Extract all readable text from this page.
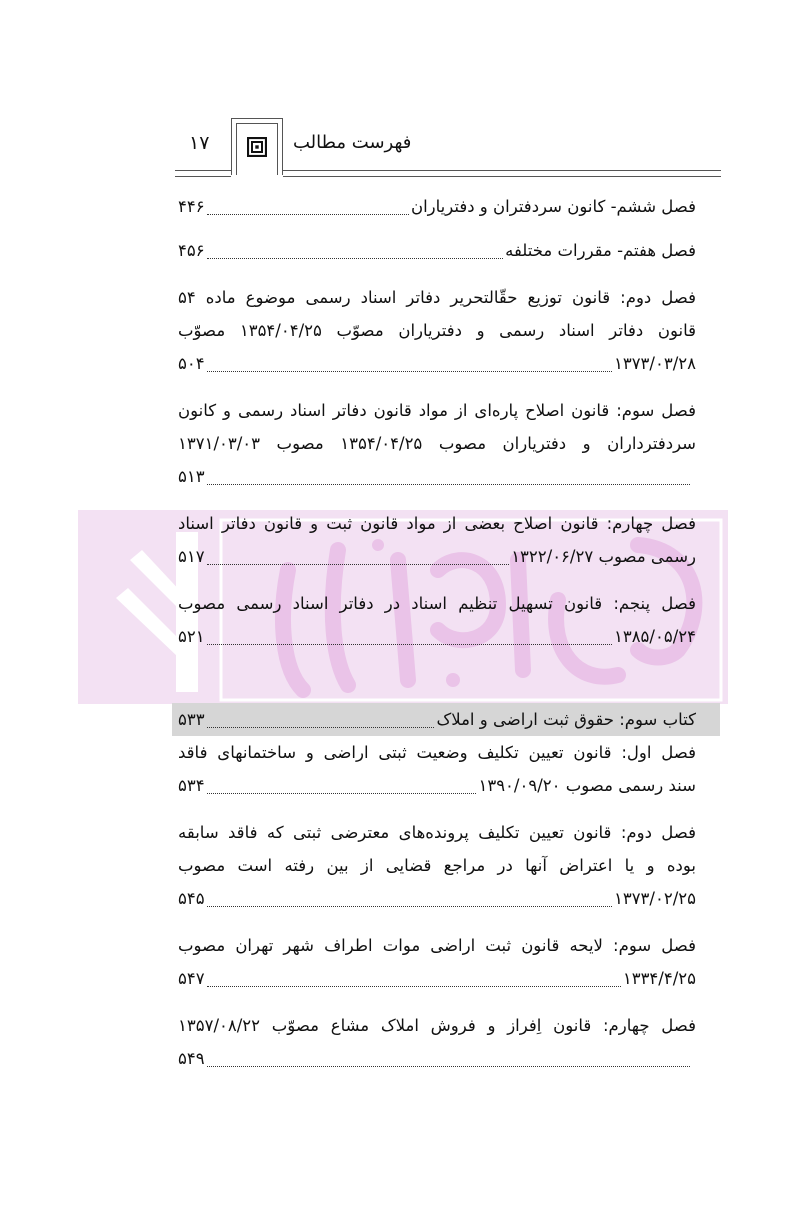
۱۷	فهرست مطالب
فصل ششم- کانون سردفتران و دفتریاران
۴۴۶
فصل هفتم- مقررات مختلفه
۴۵۶
فصل دوم: قانون توزیع حقّالتحریر دفاتر اسناد رسمی موضوع ماده ۵۴
قانون دفاتر اسناد رسمی و دفتریاران مصوّب ۱۳۵۴/۰۴/۲۵ مصوّب
۱۳۷۳/۰۳/۲۸
۵۰۴
فصل سوم: قانون اصلاح پاره‌ای از مواد قانون دفاتر اسناد رسمی و کانون
سردفترداران و دفتریاران مصوب ۱۳۵۴/۰۴/۲۵ مصوب ۱۳۷۱/۰۳/۰۳
۵۱۳
فصل چهارم: قانون اصلاح بعضی از مواد قانون ثبت و قانون دفاتر اسناد
رسمی مصوب ۱۳۲۲/۰۶/۲۷
۵۱۷
فصل پنجم: قانون تسهیل تنظیم اسناد در دفاتر اسناد رسمی مصوب
۱۳۸۵/۰۵/۲۴
۵۲۱
کتاب سوم: حقوق ثبت اراضی و املاک
۵۳۳
فصل اول: قانون تعیین تکلیف وضعیت ثبتی اراضی و ساختمانهای فاقد
سند رسمی مصوب ۱۳۹۰/۰۹/۲۰
۵۳۴
فصل دوم: قانون تعیین تکلیف پرونده‌های معترضی ثبتی که فاقد سابقه
بوده و یا اعتراض آنها در مراجع قضایی از بین رفته است مصوب
۱۳۷۳/۰۲/۲۵
۵۴۵
فصل سوم: لایحه قانون ثبت اراضی موات اطراف شهر تهران مصوب
۱۳۳۴/۴/۲۵
۵۴۷
فصل چهارم: قانون اِفراز و فروش املاک مشاع مصوّب ۱۳۵۷/۰۸/۲۲
۵۴۹
